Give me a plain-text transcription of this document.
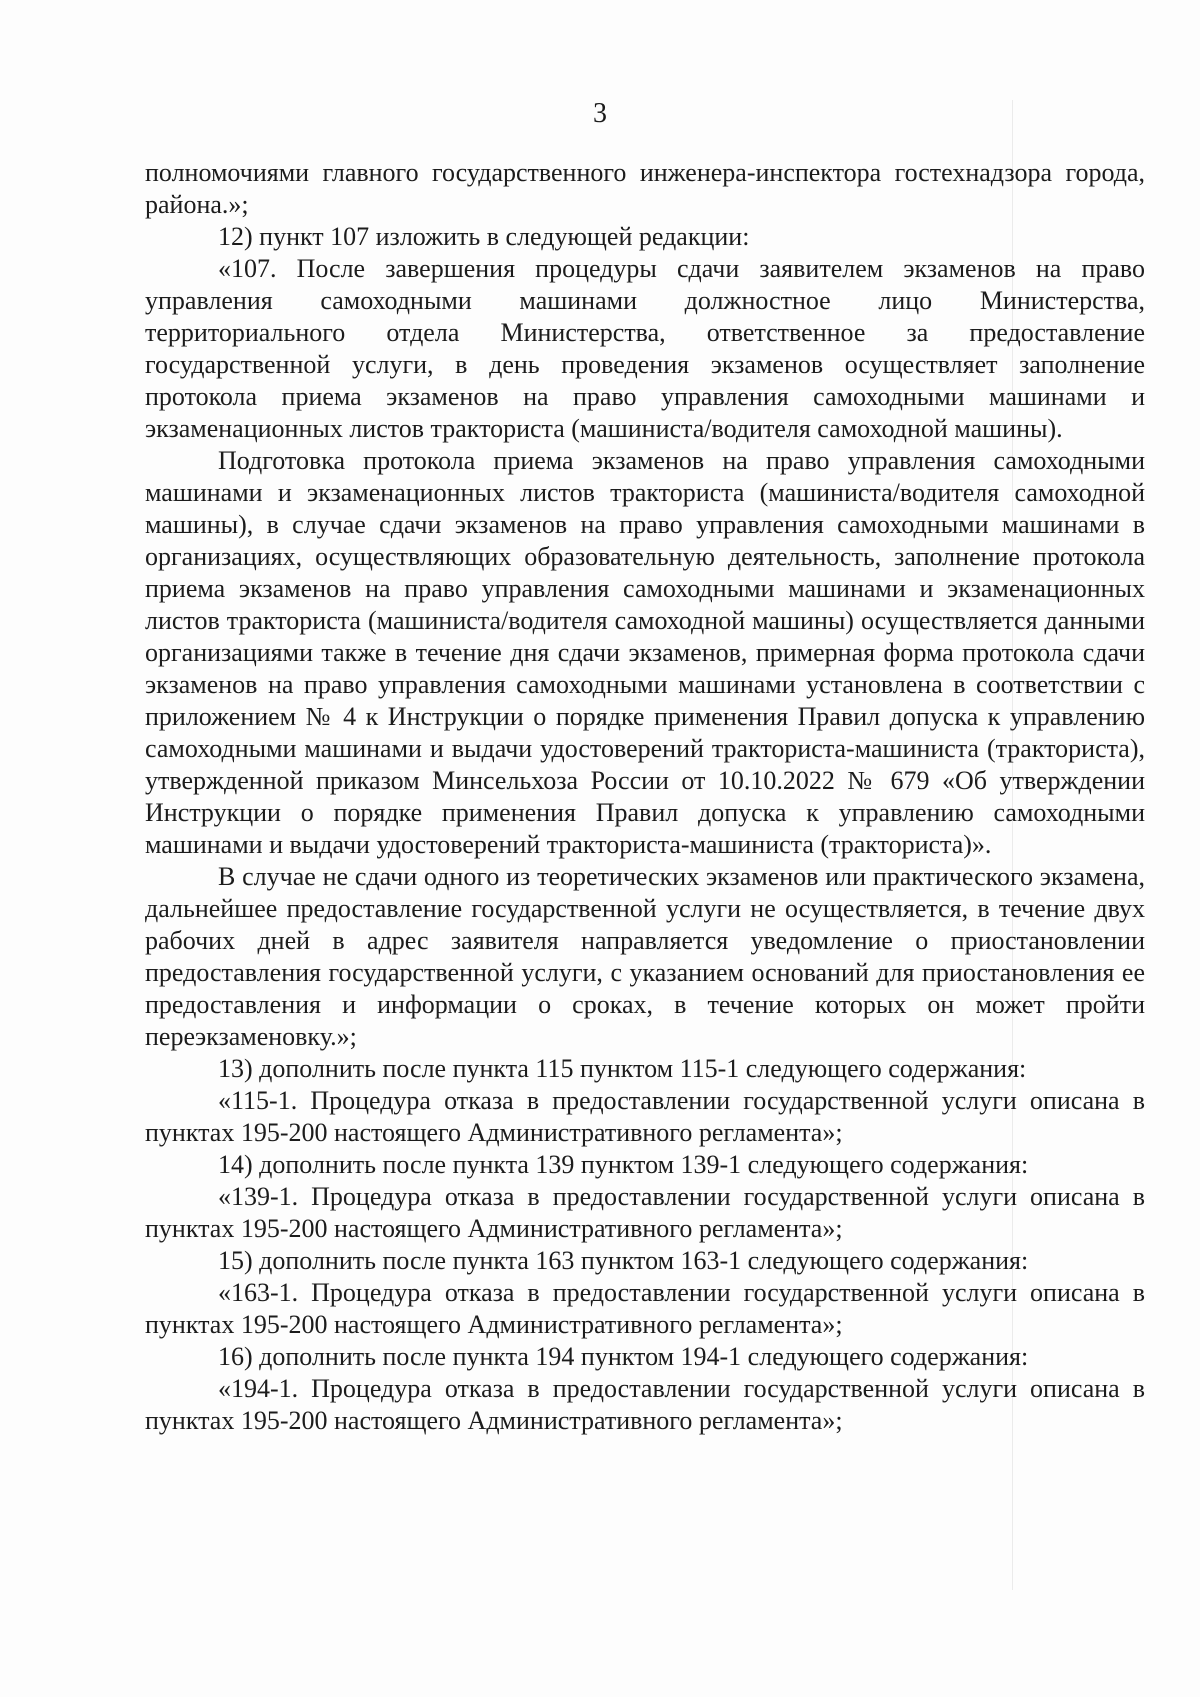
3

полномочиями главного государственного инженера-инспектора гостехнадзора города, района.»;

12) пункт 107 изложить в следующей редакции:

«107. После завершения процедуры сдачи заявителем экзаменов на право управления самоходными машинами должностное лицо Министерства, территориального отдела Министерства, ответственное за предоставление государственной услуги, в день проведения экзаменов осуществляет заполнение протокола приема экзаменов на право управления самоходными машинами и экзаменационных листов тракториста (машиниста/водителя самоходной машины).

Подготовка протокола приема экзаменов на право управления самоходными машинами и экзаменационных листов тракториста (машиниста/водителя самоходной машины), в случае сдачи экзаменов на право управления самоходными машинами в организациях, осуществляющих образовательную деятельность, заполнение протокола приема экзаменов на право управления самоходными машинами и экзаменационных листов тракториста (машиниста/водителя самоходной машины) осуществляется данными организациями также в течение дня сдачи экзаменов, примерная форма протокола сдачи экзаменов на право управления самоходными машинами установлена в соответствии с приложением № 4 к Инструкции о порядке применения Правил допуска к управлению самоходными машинами и выдачи удостоверений тракториста-машиниста (тракториста), утвержденной приказом Минсельхоза России от 10.10.2022 № 679 «Об утверждении Инструкции о порядке применения Правил допуска к управлению самоходными машинами и выдачи удостоверений тракториста-машиниста (тракториста)».

В случае не сдачи одного из теоретических экзаменов или практического экзамена, дальнейшее предоставление государственной услуги не осуществляется, в течение двух рабочих дней в адрес заявителя направляется уведомление о приостановлении предоставления государственной услуги, с указанием оснований для приостановления ее предоставления и информации о сроках, в течение которых он может пройти переэкзаменовку.»;

13) дополнить после пункта 115 пунктом 115-1 следующего содержания:

«115-1. Процедура отказа в предоставлении государственной услуги описана в пунктах 195-200 настоящего Административного регламента»;

14) дополнить после пункта 139 пунктом 139-1 следующего содержания:

«139-1. Процедура отказа в предоставлении государственной услуги описана в пунктах 195-200 настоящего Административного регламента»;

15) дополнить после пункта 163 пунктом 163-1 следующего содержания:

«163-1. Процедура отказа в предоставлении государственной услуги описана в пунктах 195-200 настоящего Административного регламента»;

16) дополнить после пункта 194 пунктом 194-1 следующего содержания:

«194-1. Процедура отказа в предоставлении государственной услуги описана в пунктах 195-200 настоящего Административного регламента»;
